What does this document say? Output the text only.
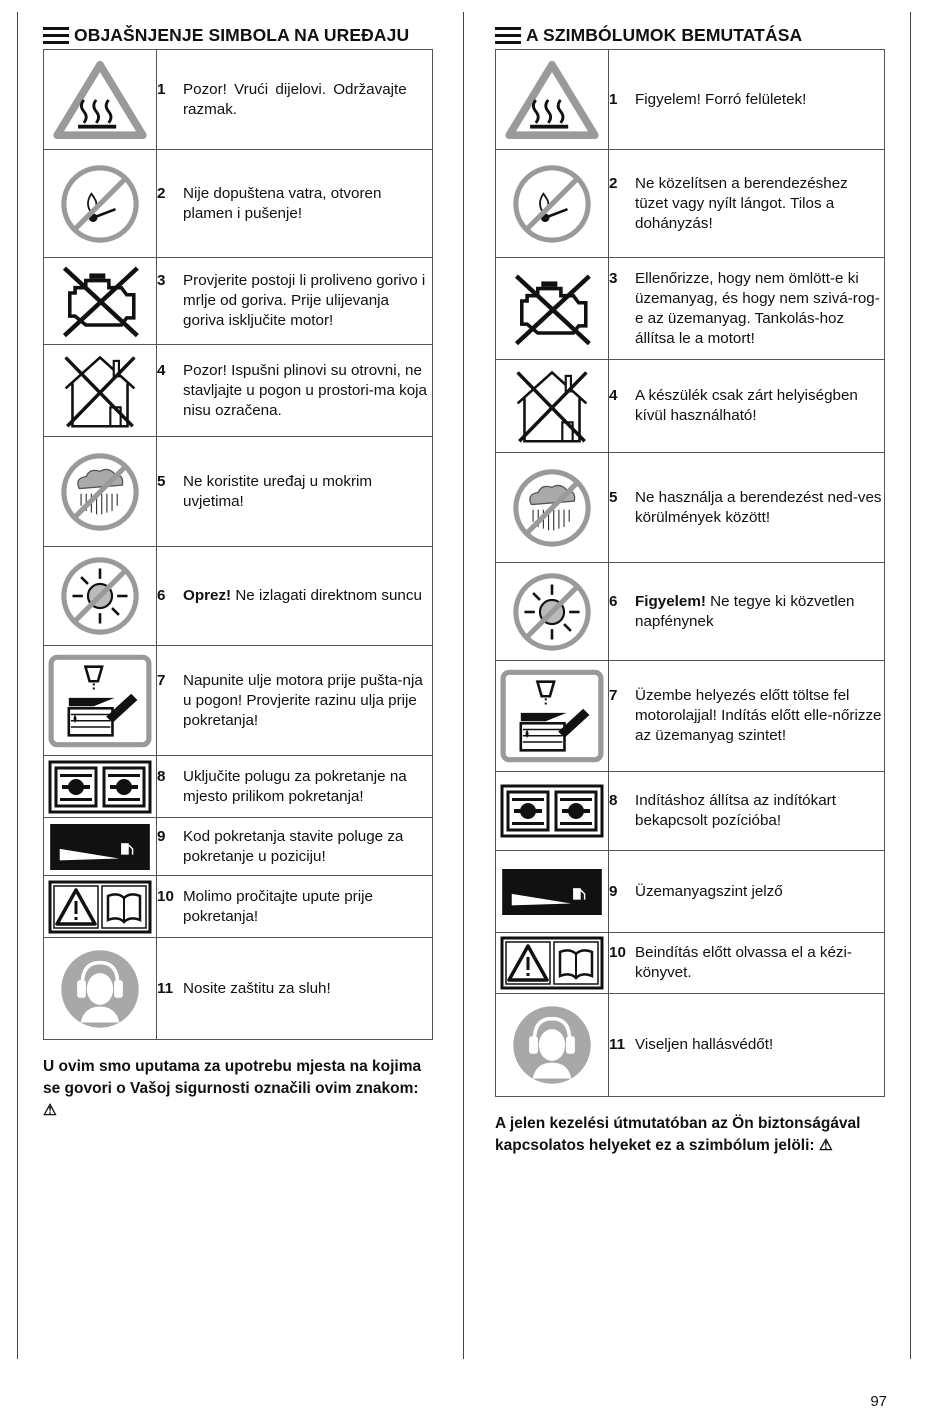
OBJAŠNJENJE SIMBOLA NA UREĐAJU

1 Pozor! Vrući dijelovi. Održavajte razmak.

2 Nije dopuštena vatra, otvoren plamen i pušenje!

3 Provjerite postoji li proliveno gorivo i mrlje od goriva. Prije ulijevanja goriva isključite motor!

4 Pozor! Ispušni plinovi su otrovni, ne stavljajte u pogon u prostori-ma koja nisu ozračena.

5 Ne koristite uređaj u mokrim uvjetima!

6 Oprez! Ne izlagati direktnom suncu

7 Napunite ulje motora prije pušta-nja u pogon! Provjerite razinu ulja prije pokretanja!

8 Uključite polugu za pokretanje na mjesto prilikom pokretanja!

9 Kod pokretanja stavite poluge za pokretanje u poziciju!

10 Molimo pročitajte upute prije pokretanja!

11 Nosite zaštitu za sluh!
U ovim smo uputama za upotrebu mjesta na kojima se govori o Vašoj sigurnosti označili ovim znakom:
⚠
A SZIMBÓLUMOK BEMUTATÁSA

1 Figyelem! Forró felületek!

2 Ne közelítsen a berendezéshez tüzet vagy nyílt lángot. Tilos a dohányzás!

3 Ellenőrizze, hogy nem ömlött-e ki üzemanyag, és hogy nem szivá-rog-e az üzemanyag. Tankolás-hoz állítsa le a motort!

4 A készülék csak zárt helyiségben kívül használható!

5 Ne használja a berendezést ned-ves körülmények között!

6 Figyelem! Ne tegye ki közvetlen napfénynek

7 Üzembe helyezés előtt töltse fel motorolajjal! Indítás előtt elle-nőrizze az üzemanyag szintet!

8 Indításhoz állítsa az indítókart bekapcsolt pozícióba!

9 Üzemanyagszint jelző

10 Beindítás előtt olvassa el a kézi-könyvet.

11 Viseljen hallásvédőt!
A jelen kezelési útmutatóban az Ön biztonságával kapcsolatos helyeket ez a szimbólum jelöli: ⚠
97
